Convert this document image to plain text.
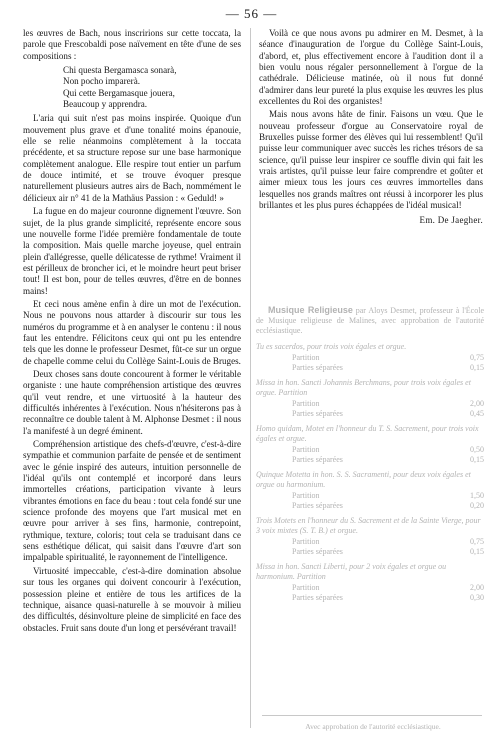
— 56 —

les œuvres de Bach, nous inscririons sur cette toccata, la parole que Frescobaldi pose naïvement en tête d'une de ses compositions :

Chi questa Bergamasca sonarà,
Non pocho imparerà.
Qui cette Bergamasque jouera,
Beaucoup y apprendra.

L'aria qui suit n'est pas moins inspirée. Quoique d'un mouvement plus grave et d'une tonalité moins épanouie, elle se relie néanmoins complètement à la toccata précédente, et sa structure repose sur une base harmonique complètement analogue. Elle respire tout entier un parfum de douce intimité, et se trouve évoquer presque naturellement plusieurs autres airs de Bach, nommément le délicieux air n° 41 de la Mathäus Passion : « Geduld! »

La fugue en do majeur couronne dignement l'œuvre. Son sujet, de la plus grande simplicité, représente encore sous une nouvelle forme l'idée première fondamentale de toute la composition. Mais quelle marche joyeuse, quel entrain plein d'allégresse, quelle délicatesse de rythme! Vraiment il est périlleux de broncher ici, et le moindre heurt peut briser tout! Il est bon, pour de telles œuvres, d'être en de bonnes mains!

Et ceci nous amène enfin à dire un mot de l'exécution. Nous ne pouvons nous attarder à discourir sur tous les numéros du programme et à en analyser le contenu : il nous faut les entendre. Félicitons ceux qui ont pu les entendre tels que les donne le professeur Desmet, fût-ce sur un orgue de chapelle comme celui du Collège Saint-Louis de Bruges.

Deux choses sans doute concourent à former le véritable organiste : une haute compréhension artistique des œuvres qu'il veut rendre, et une virtuosité à la hauteur des difficultés inhérentes à l'exécution. Nous n'hésiterons pas à reconnaître ce double talent à M. Alphonse Desmet : il nous l'a manifesté à un degré éminent.

Compréhension artistique des chefs-d'œuvre, c'est-à-dire sympathie et communion parfaite de pensée et de sentiment avec le génie inspiré des auteurs, intuition personnelle de l'idéal qu'ils ont contemplé et incorporé dans leurs immortelles créations, participation vivante à leurs vibrantes émotions en face du beau : tout cela fondé sur une science profonde des moyens que l'art musical met en œuvre pour arriver à ses fins, harmonie, contrepoint, rythmique, texture, coloris; tout cela se traduisant dans ce sens esthétique délicat, qui saisit dans l'œuvre d'art son impalpable spiritualité, le rayonnement de l'intelligence.

Virtuosité impeccable, c'est-à-dire domination absolue sur tous les organes qui doivent concourir à l'exécution, possession pleine et entière de tous les artifices de la technique, aisance quasi-naturelle à se mouvoir à milieu des difficultés, désinvolture pleine de simplicité en face des obstacles. Fruit sans doute d'un long et persévérant travail!

Voilà ce que nous avons pu admirer en M. Desmet, à la séance d'inauguration de l'orgue du Collège Saint-Louis, d'abord, et, plus effectivement encore à l'audition dont il a bien voulu nous régaler personnellement à l'orgue de la cathédrale. Délicieuse matinée, où il nous fut donné d'admirer dans leur pureté la plus exquise les œuvres les plus excellentes du Roi des organistes!

Mais nous avons hâte de finir. Faisons un vœu. Que le nouveau professeur d'orgue au Conservatoire royal de Bruxelles puisse former des élèves qui lui ressemblent! Qu'il puisse leur communiquer avec succès les riches trésors de sa science, qu'il puisse leur inspirer ce souffle divin qui fait les vrais artistes, qu'il puisse leur faire comprendre et goûter et aimer mieux tous les jours ces œuvres immortelles dans lesquelles nos grands maîtres ont réussi à incorporer les plus brillantes et les plus pures échappées de l'idéal musical!

Em. De Jaegher.
Musique Religieuse par Aloys Desmet, professeur à l'École de Musique religieuse de Malines, avec approbation de l'autorité ecclésiastique.
Tu es sacerdos, pour trois voix égales et orgue.
Partition	0,75
Parties séparées	0,15
Missa in hon. Sancti Johannis Berchmans, pour trois voix égales et orgue. Partition
Partition	2,00
Parties séparées	0,45
Homo quidam, Motet en l'honneur du T. S. Sacrement, pour trois voix égales et orgue.
Partition	0,50
Parties séparées	0,15
Quinque Motetta in hon. S. S. Sacramenti, pour deux voix égales et orgue ou harmonium.
Partition	1,50
Parties séparées	0,20
Trois Motets en l'honneur du S. Sacrement et de la Sainte Vierge, pour 3 voix mixtes (S. T. B.) et orgue.
Partition	0,75
Parties séparées	0,15
Missa in hon. Sancti Liberti, pour 2 voix égales et orgue ou harmonium. Partition
Partition	2,00
Parties séparées	0,30
Avec approbation de l'autorité ecclésiastique.
